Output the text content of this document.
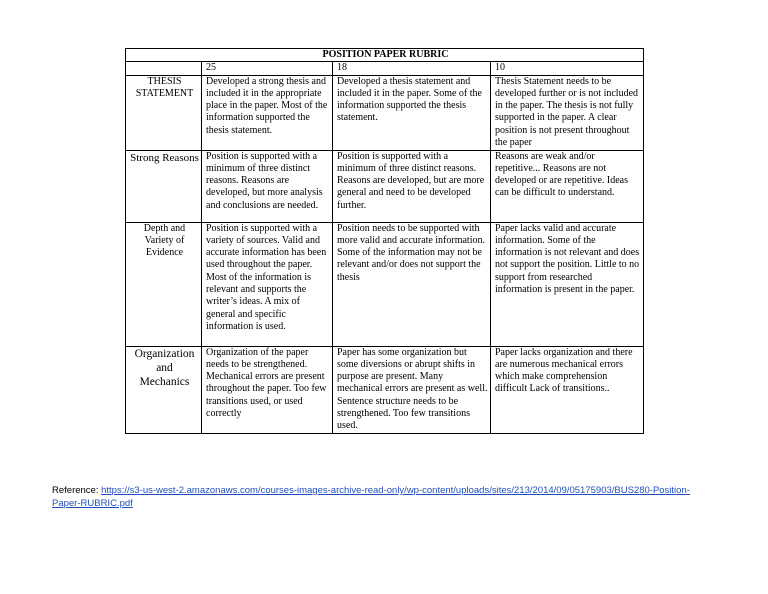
POSITION PAPER RUBRIC			
	25	18	10
THESIS STATEMENT	Developed a strong thesis and included it in the appropriate place in the paper. Most of the information supported the thesis statement.	Developed a thesis statement and included it in the paper. Some of the information supported the thesis statement.	Thesis Statement needs to be developed further or is not included in the paper. The thesis is not fully supported in the paper. A clear position is not present throughout the paper
Strong Reasons	Position is supported with a minimum of three distinct reasons. Reasons are developed, but more analysis and conclusions are needed.	Position is supported with a minimum of three distinct reasons. Reasons are developed, but are more general and need to be developed further.	Reasons are weak and/or repetitive... Reasons are not developed or are repetitive. Ideas can be difficult to understand.
Depth and Variety of Evidence	Position is supported with a variety of sources. Valid and accurate information has been used throughout the paper. Most of the information is relevant and supports the writer’s ideas. A mix of general and specific information is used.	Position needs to be supported with more valid and accurate information. Some of the information may not be relevant and/or does not support the thesis	Paper lacks valid and accurate information. Some of the information is not relevant and does not support the position. Little to no support from researched information is present in the paper.
Organization and Mechanics	Organization of the paper needs to be strengthened. Mechanical errors are present throughout the paper. Too few transitions used, or used correctly	Paper has some organization but some diversions or abrupt shifts in purpose are present. Many mechanical errors are present as well. Sentence structure needs to be strengthened. Too few transitions used.	Paper lacks organization and there are numerous mechanical errors which make comprehension difficult Lack of transitions..
Reference: https://s3-us-west-2.amazonaws.com/courses-images-archive-read-only/wp-content/uploads/sites/213/2014/09/05175903/BUS280-Position-Paper-RUBRIC.pdf
